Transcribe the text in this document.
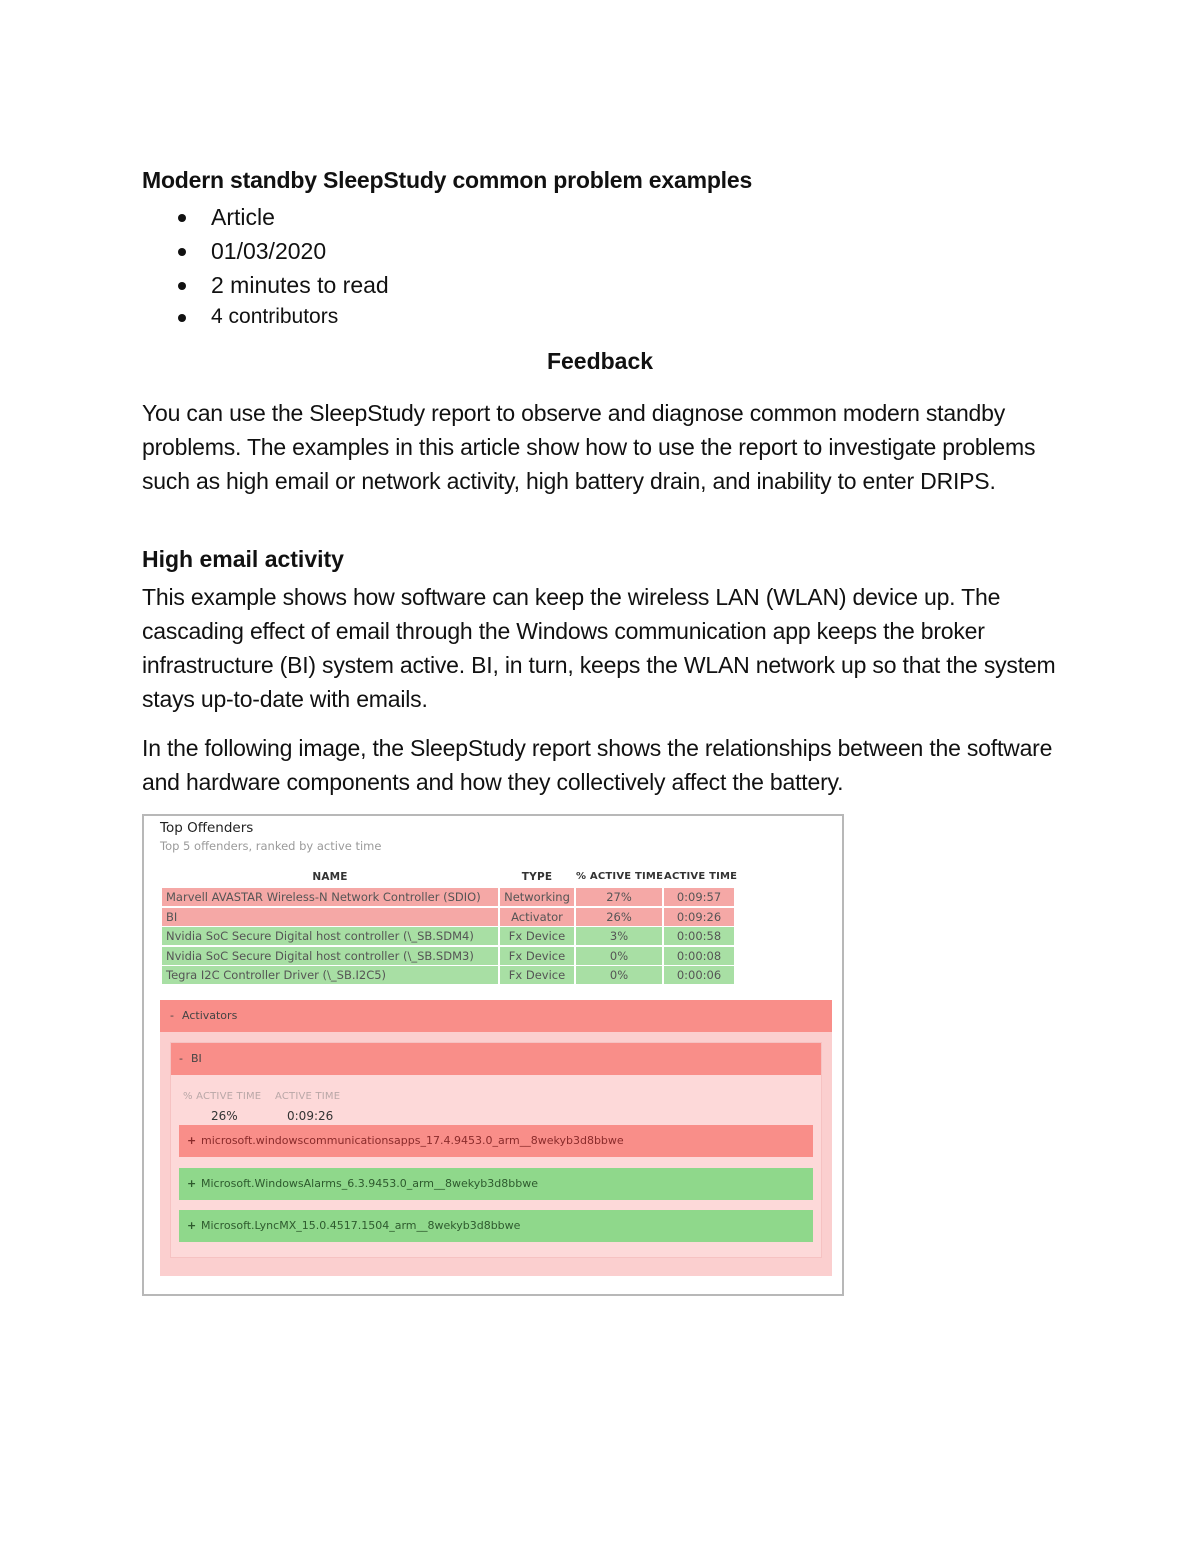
Modern standby SleepStudy common problem examples
Article
01/03/2020
2 minutes to read
4 contributors
Feedback

You can use the SleepStudy report to observe and diagnose common modern standby problems. The examples in this article show how to use the report to investigate problems such as high email or network activity, high battery drain, and inability to enter DRIPS.

High email activity

This example shows how software can keep the wireless LAN (WLAN) device up. The cascading effect of email through the Windows communication app keeps the broker infrastructure (BI) system active. BI, in turn, keeps the WLAN network up so that the system stays up-to-date with emails.

In the following image, the SleepStudy report shows the relationships between the software and hardware components and how they collectively affect the battery.

Top Offenders
Top 5 offenders, ranked by active time
NAME	TYPE	% ACTIVE TIME ACTIVE TIME
Marvell AVASTAR Wireless-N Network Controller (SDIO)	Networking	27%	0:09:57
BI	Activator	26%	0:09:26
Nvidia SoC Secure Digital host controller (\_SB.SDM4)	Fx Device	3%	0:00:58
Nvidia SoC Secure Digital host controller (\_SB.SDM3)	Fx Device	0%	0:00:08
Tegra I2C Controller Driver (\_SB.I2C5)	Fx Device	0%	0:00:06
- Activators
- BI
% ACTIVE TIME ACTIVE TIME
26%	0:09:26
+ microsoft.windowscommunicationsapps_17.4.9453.0_arm__8wekyb3d8bbwe
+ Microsoft.WindowsAlarms_6.3.9453.0_arm__8wekyb3d8bbwe
+ Microsoft.LyncMX_15.0.4517.1504_arm__8wekyb3d8bbwe
